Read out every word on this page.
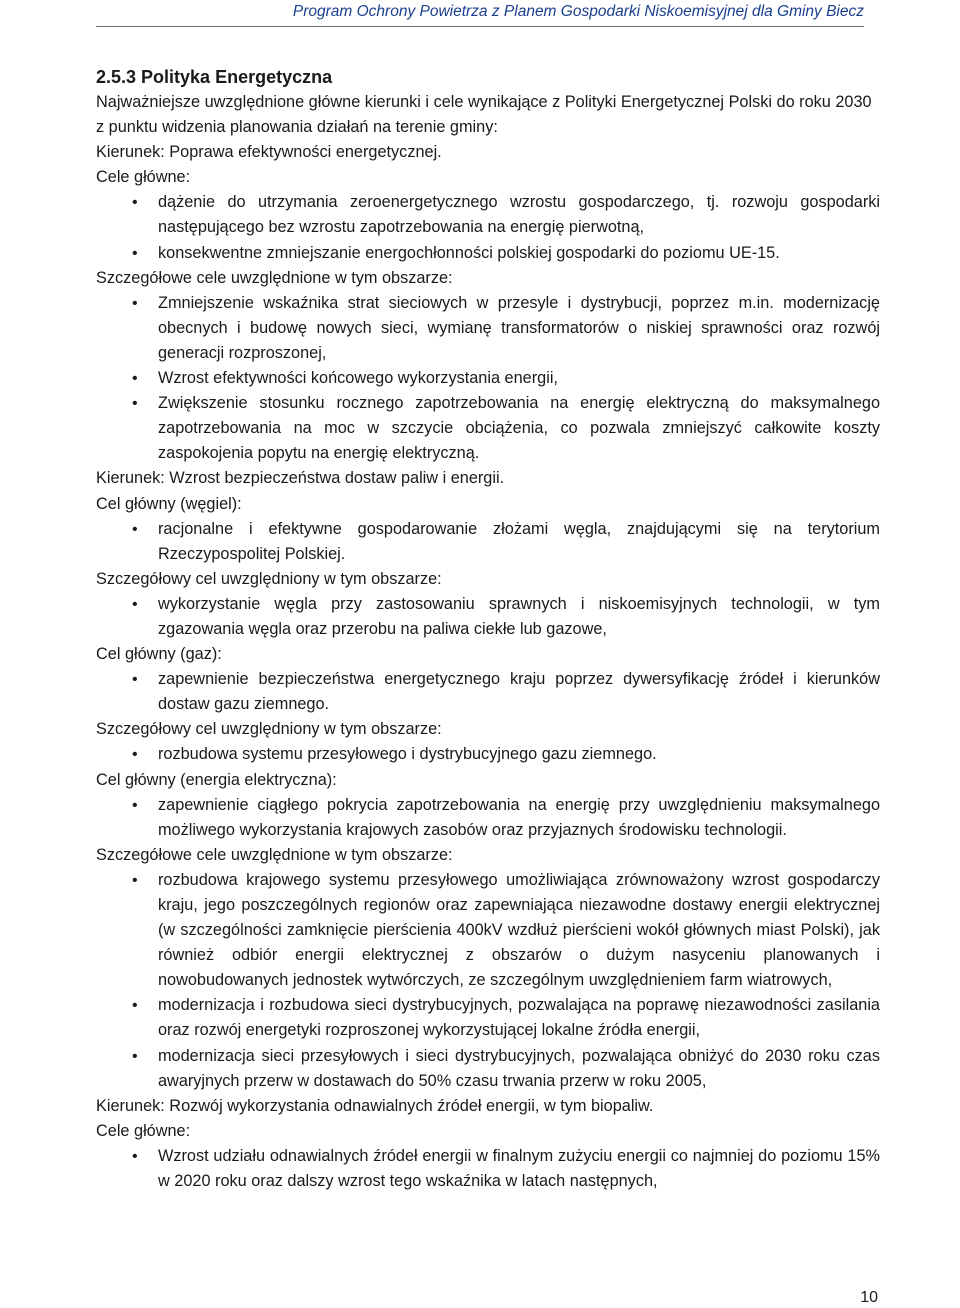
Program Ochrony Powietrza z Planem Gospodarki Niskoemisyjnej dla Gminy Biecz
2.5.3 Polityka Energetyczna

Najważniejsze uwzględnione główne kierunki i cele wynikające z Polityki Energetycznej Polski do roku 2030 z punktu widzenia planowania działań na terenie gminy:

Kierunek: Poprawa efektywności energetycznej.

Cele główne:

• dążenie do utrzymania zeroenergetycznego wzrostu gospodarczego, tj. rozwoju gospodarki następującego bez wzrostu zapotrzebowania na energię pierwotną,
• konsekwentne zmniejszanie energochłonności polskiej gospodarki do poziomu UE-15.

Szczegółowe cele uwzględnione w tym obszarze:

• Zmniejszenie wskaźnika strat sieciowych w przesyle i dystrybucji, poprzez m.in. modernizację obecnych i budowę nowych sieci, wymianę transformatorów o niskiej sprawności oraz rozwój generacji rozproszonej,
• Wzrost efektywności końcowego wykorzystania energii,
• Zwiększenie stosunku rocznego zapotrzebowania na energię elektryczną do maksymalnego zapotrzebowania na moc w szczycie obciążenia, co pozwala zmniejszyć całkowite koszty zaspokojenia popytu na energię elektryczną.

Kierunek: Wzrost bezpieczeństwa dostaw paliw i energii.

Cel główny (węgiel):

• racjonalne i efektywne gospodarowanie złożami węgla, znajdującymi się na terytorium Rzeczypospolitej Polskiej.

Szczegółowy cel uwzględniony w tym obszarze:

• wykorzystanie węgla przy zastosowaniu sprawnych i niskoemisyjnych technologii, w tym zgazowania węgla oraz przerobu na paliwa ciekłe lub gazowe,

Cel główny (gaz):

• zapewnienie bezpieczeństwa energetycznego kraju poprzez dywersyfikację źródeł i kierunków dostaw gazu ziemnego.

Szczegółowy cel uwzględniony w tym obszarze:

• rozbudowa systemu przesyłowego i dystrybucyjnego gazu ziemnego.

Cel główny (energia elektryczna):

• zapewnienie ciągłego pokrycia zapotrzebowania na energię przy uwzględnieniu maksymalnego możliwego wykorzystania krajowych zasobów oraz przyjaznych środowisku technologii.

Szczegółowe cele uwzględnione w tym obszarze:

• rozbudowa krajowego systemu przesyłowego umożliwiająca zrównoważony wzrost gospodarczy kraju, jego poszczególnych regionów oraz zapewniająca niezawodne dostawy energii elektrycznej (w szczególności zamknięcie pierścienia 400kV wzdłuż pierścieni wokół głównych miast Polski), jak również odbiór energii elektrycznej z obszarów o dużym nasyceniu planowanych i nowobudowanych jednostek wytwórczych, ze szczególnym uwzględnieniem farm wiatrowych,
• modernizacja i rozbudowa sieci dystrybucyjnych, pozwalająca na poprawę niezawodności zasilania oraz rozwój energetyki rozproszonej wykorzystującej lokalne źródła energii,
• modernizacja sieci przesyłowych i sieci dystrybucyjnych, pozwalająca obniżyć do 2030 roku czas awaryjnych przerw w dostawach do 50% czasu trwania przerw w roku 2005,

Kierunek: Rozwój wykorzystania odnawialnych źródeł energii, w tym biopaliw.

Cele główne:

• Wzrost udziału odnawialnych źródeł energii w finalnym zużyciu energii co najmniej do poziomu 15% w 2020 roku oraz dalszy wzrost tego wskaźnika w latach następnych,
10
